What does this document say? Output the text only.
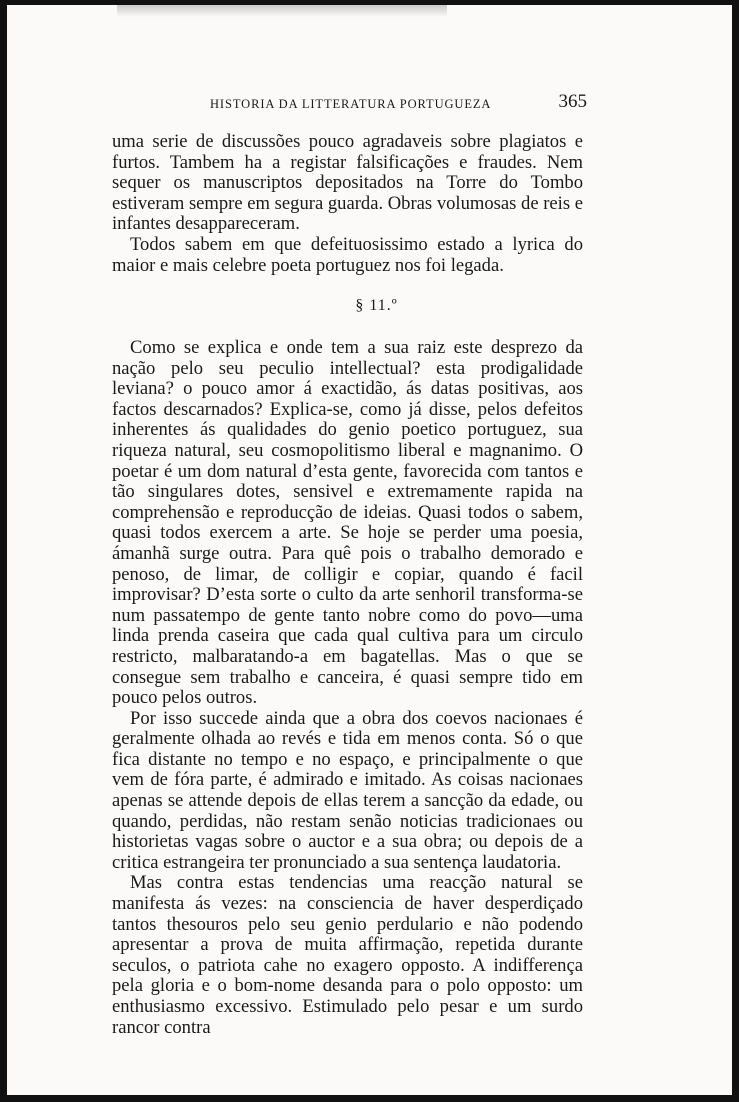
HISTORIA DA LITTERATURA PORTUGUEZA	365

uma serie de discussões pouco agradaveis sobre plagiatos e furtos. Tambem ha a registar falsificações e fraudes. Nem sequer os manuscriptos depositados na Torre do Tombo estiveram sempre em segura guarda. Obras volumosas de reis e infantes desappareceram.

Todos sabem em que defeituosissimo estado a lyrica do maior e mais celebre poeta portuguez nos foi legada.

§ 11.º

Como se explica e onde tem a sua raiz este desprezo da nação pelo seu peculio intellectual? esta prodigalidade leviana? o pouco amor á exactidão, ás datas positivas, aos factos descarnados? Explica-se, como já disse, pelos defeitos inherentes ás qualidades do genio poetico portuguez, sua riqueza natural, seu cosmopolitismo liberal e magnanimo. O poetar é um dom natural d’esta gente, favorecida com tantos e tão singulares dotes, sensivel e extremamente rapida na comprehensão e reproducção de ideias. Quasi todos o sabem, quasi todos exercem a arte. Se hoje se perder uma poesia, ámanhã surge outra. Para quê pois o trabalho demorado e penoso, de limar, de colligir e copiar, quando é facil improvisar? D’esta sorte o culto da arte senhoril transforma-se num passatempo de gente tanto nobre como do povo—uma linda prenda caseira que cada qual cultiva para um circulo restricto, malbaratando-a em bagatellas. Mas o que se consegue sem trabalho e canceira, é quasi sempre tido em pouco pelos outros.

Por isso succede ainda que a obra dos coevos nacionaes é geralmente olhada ao revés e tida em menos conta. Só o que fica distante no tempo e no espaço, e principalmente o que vem de fóra parte, é admirado e imitado. As coisas nacionaes apenas se attende depois de ellas terem a sancção da edade, ou quando, perdidas, não restam senão noticias tradicionaes ou historietas vagas sobre o auctor e a sua obra; ou depois de a critica estrangeira ter pronunciado a sua sentença laudatoria.

Mas contra estas tendencias uma reacção natural se manifesta ás vezes: na consciencia de haver desperdiçado tantos thesouros pelo seu genio perdulario e não podendo apresentar a prova de muita affirmação, repetida durante seculos, o patriota cahe no exagero opposto. A indifferença pela gloria e o bom-nome desanda para o polo opposto: um enthusiasmo excessivo. Estimulado pelo pesar e um surdo rancor contra
